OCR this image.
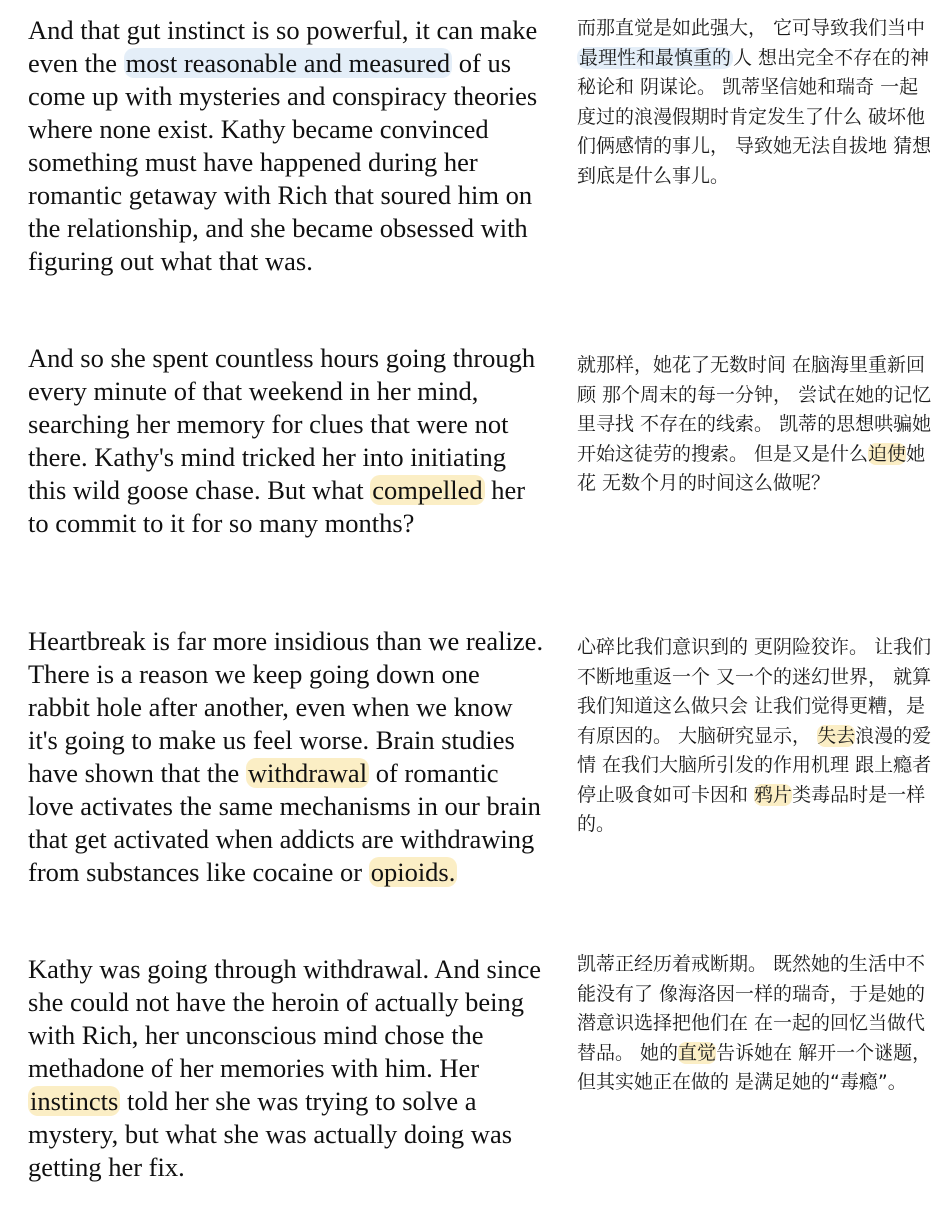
And that gut instinct is so powerful, it can make even the most reasonable and measured of us come up with mysteries and conspiracy theories where none exist. Kathy became convinced something must have happened during her romantic getaway with Rich that soured him on the relationship, and she became obsessed with figuring out what that was.
而那直觉是如此强大， 它可导致我们当中 最理性和最慎重的 人 想出完全不存在的神秘论和 阴谋论。 凯蒂坚信她和瑞奇 一起度过的浪漫假期时肯定发生了什么 破坏他们俩感情的事儿， 导致她无法自拔地 猜想到底是什么事儿。
And so she spent countless hours going through every minute of that weekend in her mind, searching her memory for clues that were not there. Kathy's mind tricked her into initiating this wild goose chase. But what compelled her to commit to it for so many months?
就那样，她花了无数时间 在脑海里重新回顾 那个周末的每一分钟， 尝试在她的记忆里寻找 不存在的线索。 凯蒂的思想哄骗她 开始这徒劳的搜索。 但是又是什么迫使她花 无数个月的时间这么做呢？
Heartbreak is far more insidious than we realize. There is a reason we keep going down one rabbit hole after another, even when we know it's going to make us feel worse. Brain studies have shown that the withdrawal of romantic love activates the same mechanisms in our brain that get activated when addicts are withdrawing from substances like cocaine or opioids.
心碎比我们意识到的 更阴险狡诈。 让我们不断地重返一个 又一个的迷幻世界， 就算我们知道这么做只会 让我们觉得更糟，是有原因的。 大脑研究显示， 失去浪漫的爱情 在我们大脑所引发的作用机理 跟上瘾者停止吸食如可卡因和 鸦片类毒品时是一样的。
Kathy was going through withdrawal. And since she could not have the heroin of actually being with Rich, her unconscious mind chose the methadone of her memories with him. Her instincts told her she was trying to solve a mystery, but what she was actually doing was getting her fix.
凯蒂正经历着戒断期。 既然她的生活中不能没有了 像海洛因一样的瑞奇，于是她的潜意识选择把他们在 在一起的回忆当做代替品。 她的直觉告诉她在 解开一个谜题， 但其实她正在做的 是满足她的“毒瘾”。
